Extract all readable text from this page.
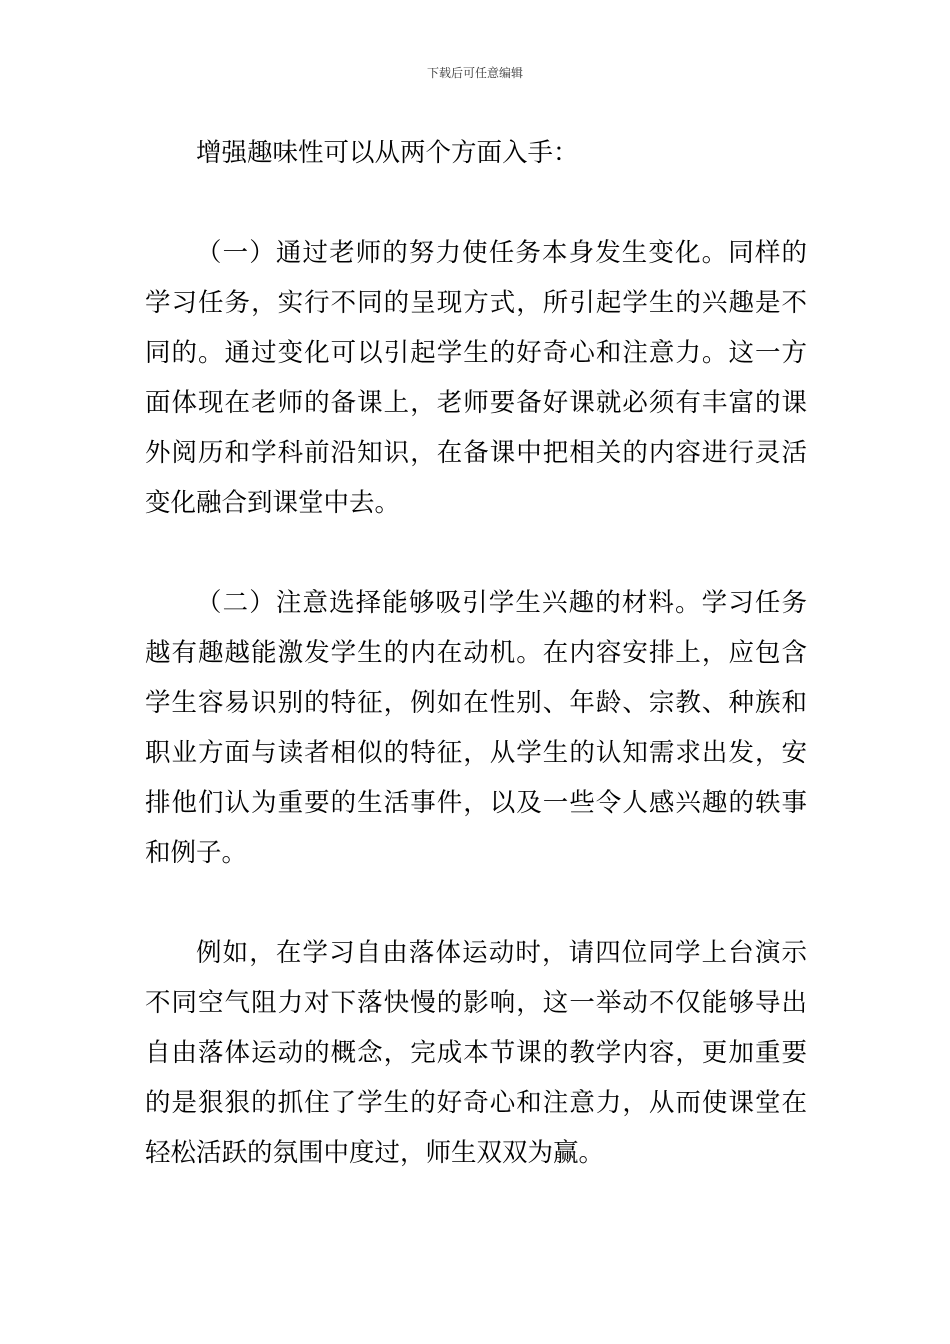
下载后可任意编辑

增强趣味性可以从两个方面入手：

（一）通过老师的努力使任务本身发生变化。同样的学习任务，实行不同的呈现方式，所引起学生的兴趣是不同的。通过变化可以引起学生的好奇心和注意力。这一方面体现在老师的备课上，老师要备好课就必须有丰富的课外阅历和学科前沿知识，在备课中把相关的内容进行灵活变化融合到课堂中去。

（二）注意选择能够吸引学生兴趣的材料。学习任务越有趣越能激发学生的内在动机。在内容安排上，应包含学生容易识别的特征，例如在性别、年龄、宗教、种族和职业方面与读者相似的特征，从学生的认知需求出发，安排他们认为重要的生活事件，以及一些令人感兴趣的轶事和例子。

例如，在学习自由落体运动时，请四位同学上台演示不同空气阻力对下落快慢的影响，这一举动不仅能够导出自由落体运动的概念，完成本节课的教学内容，更加重要的是狠狠的抓住了学生的好奇心和注意力，从而使课堂在轻松活跃的氛围中度过，师生双双为赢。
